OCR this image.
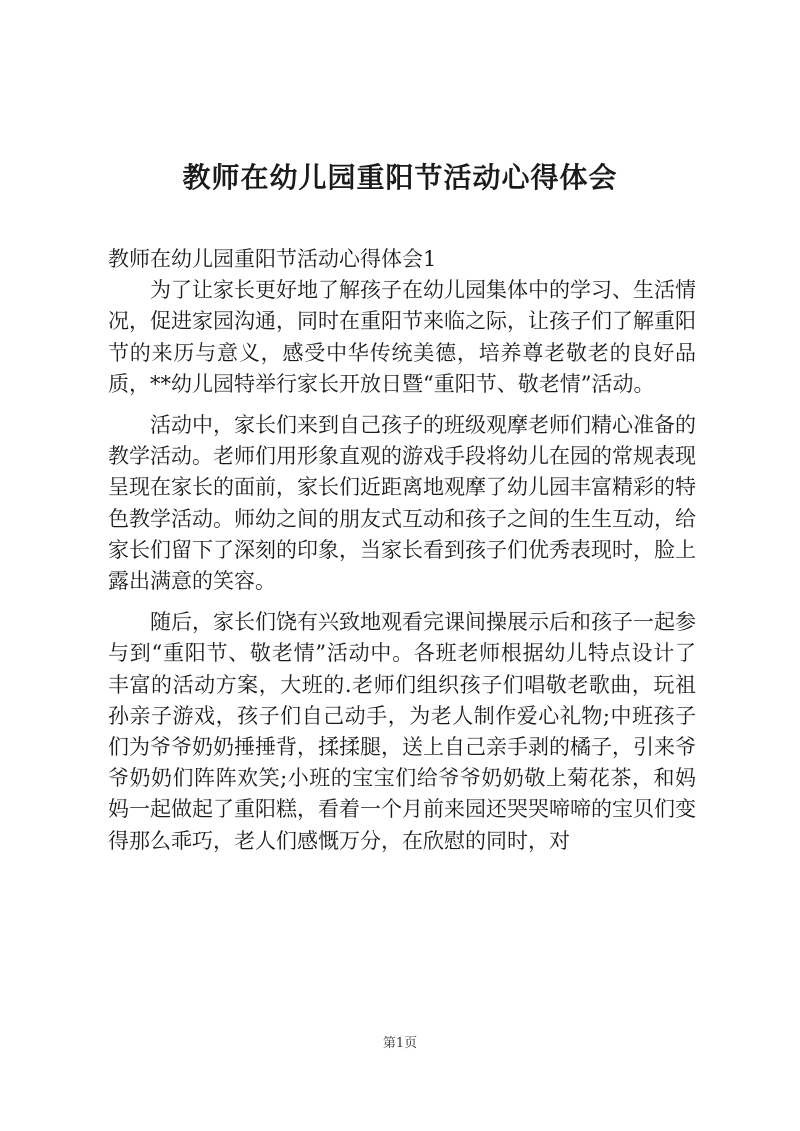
教师在幼儿园重阳节活动心得体会

教师在幼儿园重阳节活动心得体会1

为了让家长更好地了解孩子在幼儿园集体中的学习、生活情况，促进家园沟通，同时在重阳节来临之际，让孩子们了解重阳节的来历与意义，感受中华传统美德，培养尊老敬老的良好品质，**幼儿园特举行家长开放日暨“重阳节、敬老情”活动。

活动中，家长们来到自己孩子的班级观摩老师们精心准备的教学活动。老师们用形象直观的游戏手段将幼儿在园的常规表现呈现在家长的面前，家长们近距离地观摩了幼儿园丰富精彩的特色教学活动。师幼之间的朋友式互动和孩子之间的生生互动，给家长们留下了深刻的印象，当家长看到孩子们优秀表现时，脸上露出满意的笑容。

随后，家长们饶有兴致地观看完课间操展示后和孩子一起参与到“重阳节、敬老情”活动中。各班老师根据幼儿特点设计了丰富的活动方案，大班的.老师们组织孩子们唱敬老歌曲，玩祖孙亲子游戏，孩子们自己动手，为老人制作爱心礼物;中班孩子们为爷爷奶奶捶捶背，揉揉腿，送上自己亲手剥的橘子，引来爷爷奶奶们阵阵欢笑;小班的宝宝们给爷爷奶奶敬上菊花茶，和妈妈一起做起了重阳糕，看着一个月前来园还哭哭啼啼的宝贝们变得那么乖巧，老人们感慨万分，在欣慰的同时，对

第1页
